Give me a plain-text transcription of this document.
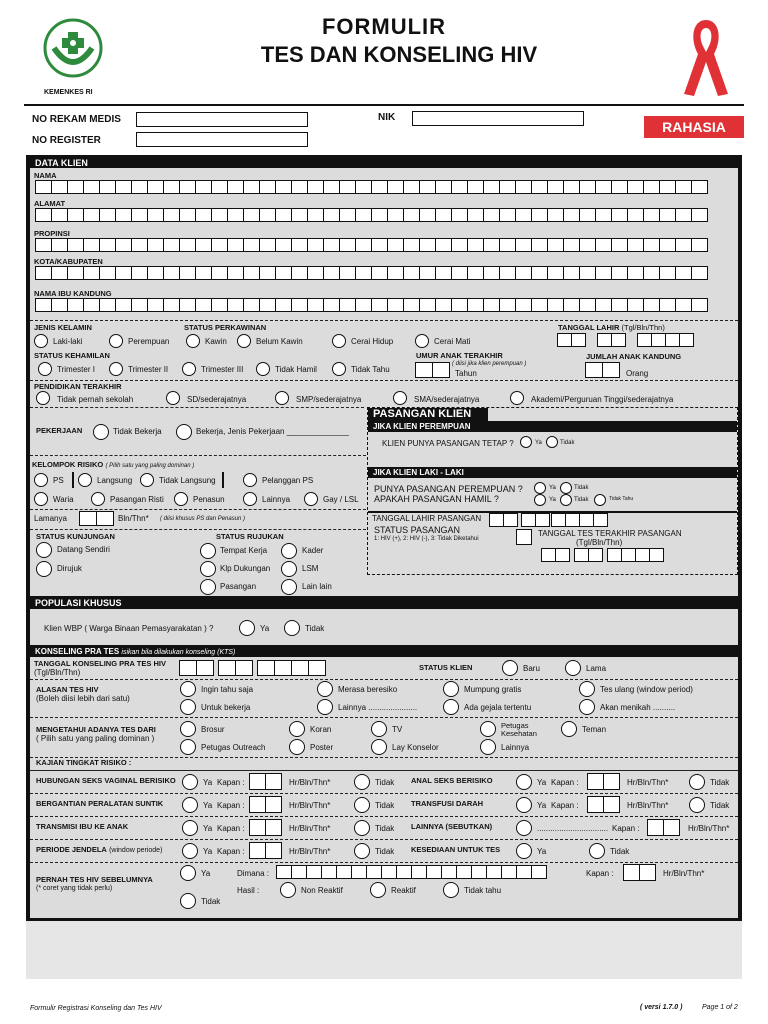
KEMENKES RI
FORMULIR
TES DAN KONSELING HIV
NO REKAM MEDIS	NIK
NO REGISTER
RAHASIA
DATA KLIEN
NAMA
ALAMAT
PROPINSI
KOTA/KABUPATEN
NAMA IBU KANDUNG
JENIS KELAMIN
Laki-laki	Perempuan
STATUS PERKAWINAN
Kawin	Belum Kawin	Cerai Hidup	Cerai Mati
TANGGAL LAHIR (Tgl/Bln/Thn)
STATUS KEHAMILAN
Trimester I	Trimester II	Trimester III	Tidak Hamil	Tidak Tahu
UMUR ANAK TERAKHIR
( diisi jika klien perempuan )
Tahun
JUMLAH ANAK KANDUNG
Orang
PENDIDIKAN TERAKHIR
Tidak pernah sekolah	SD/sederajatnya	SMP/sederajatnya	SMA/sederajatnya	Akademi/Perguruan Tinggi/sederajatnya
PASANGAN KLIEN
JIKA KLIEN PEREMPUAN
KLIEN PUNYA PASANGAN TETAP ?	Ya	Tidak
JIKA KLIEN LAKI - LAKI
PUNYA PASANGAN PEREMPUAN ?	Ya	Tidak
APAKAH PASANGAN HAMIL ?	Ya	Tidak	Tidak Tahu
TANGGAL LAHIR PASANGAN
STATUS PASANGAN
1: HIV (+), 2: HIV (-), 3: Tidak Diketahui
TANGGAL TES TERAKHIR PASANGAN
(Tgl/Bln/Thn)
PEKERJAAN	Tidak Bekerja	Bekerja, Jenis Pekerjaan ______________
KELOMPOK RISIKO ( Pilih satu yang paling dominan )
PS	Langsung	Tidak Langsung	Pelanggan PS
Waria	Pasangan Risti	Penasun	Lainnya	Gay / LSL
Lamanya	Bln/Thn* ( diisi khusus PS dan Penasun )
STATUS KUNJUNGAN
Datang Sendiri
Dirujuk
STATUS RUJUKAN
Tempat Kerja	Kader
Klp Dukungan	LSM
Pasangan	Lain lain
POPULASI KHUSUS
Klien WBP ( Warga Binaan Pemasyarakatan ) ?	Ya	Tidak
KONSELING PRA TES isikan bila dilakukan konseling (KTS)
TANGGAL KONSELING PRA TES HIV
(Tgl/Bln/Thn)
STATUS KLIEN	Baru	Lama
ALASAN TES HIV
(Boleh diisi lebih dari satu)
Ingin tahu saja	Merasa beresiko	Mumpung gratis	Tes ulang (window period)
Untuk bekerja	Lainnya ......................	Ada gejala tertentu	Akan menikah ..........
MENGETAHUI ADANYA TES DARI
( Pilih satu yang paling dominan )
Brosur	Koran	TV	Petugas Kesehatan	Teman
Petugas Outreach	Poster	Lay Konselor	Lainnya
KAJIAN TINGKAT RISIKO :
HUBUNGAN SEKS VAGINAL BERISIKO	Ya Kapan :	Hr/Bln/Thn*	Tidak ANAL SEKS BERISIKO	Ya Kapan :	Hr/Bln/Thn*	Tidak
BERGANTIAN PERALATAN SUNTIK	Ya Kapan :	Hr/Bln/Thn*	Tidak TRANSFUSI DARAH	Ya Kapan :	Hr/Bln/Thn*	Tidak
TRANSMISI IBU KE ANAK	Ya Kapan :	Hr/Bln/Thn*	Tidak LAINNYA (SEBUTKAN)	................................ Kapan :	Hr/Bln/Thn*
PERIODE JENDELA (window periode)	Ya Kapan :	Hr/Bln/Thn*	Tidak KESEDIAAN UNTUK TES	Ya	Tidak
PERNAH TES HIV SEBELUMNYA
(* coret yang tidak perlu)
Ya	Dimana :	Kapan :	Hr/Bln/Thn*
Hasil :	Non Reaktif	Reaktif	Tidak tahu
Tidak
Formulir Registrasi Konseling dan Tes HIV	( versi 1.7.0 )	Page 1 of 2
